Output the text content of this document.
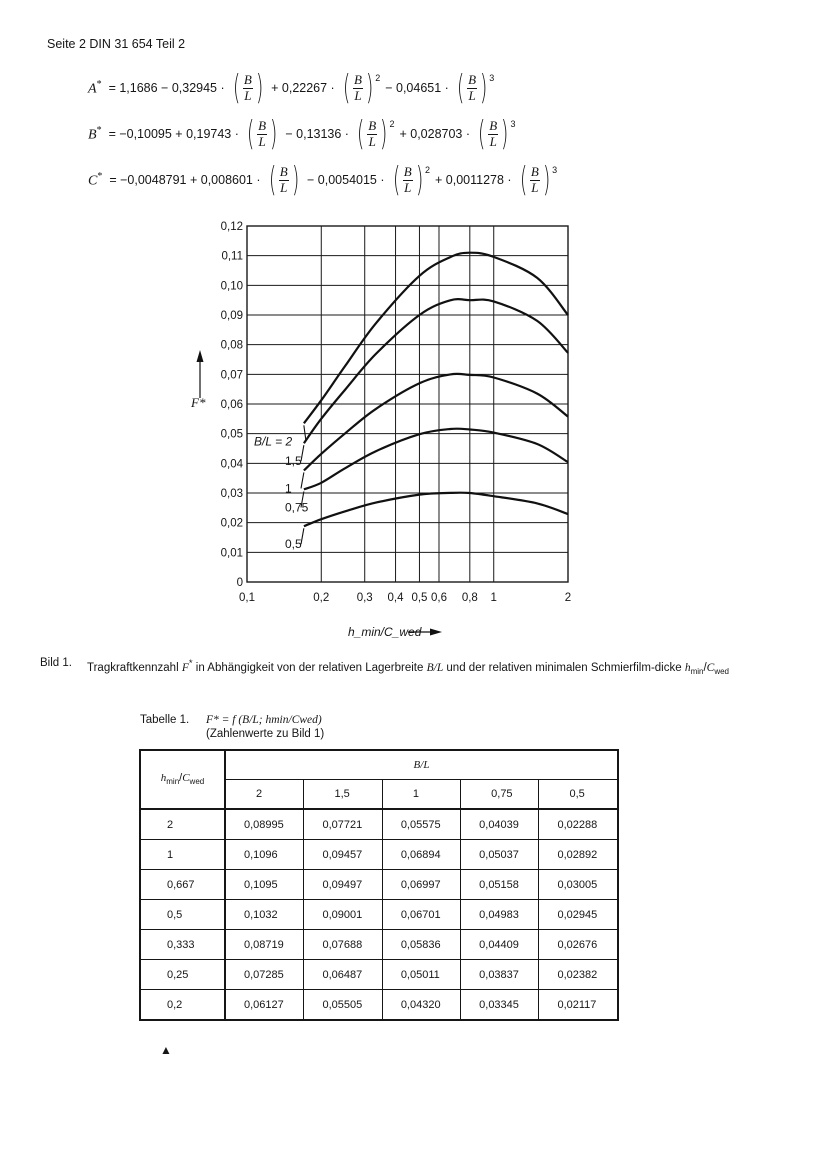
Seite 2 DIN 31 654 Teil 2
A* = 1,1686 − 0,32945 · ( $\frac{B}{L}$ ) + 0,22267 · ( $\frac{B}{L}$ ) 2
− 0,04651 · ( $\frac{B}{L}$ ) 3
B* = −0,10095 + 0,19743 · ( $\frac{B}{L}$ ) − 0,13136 · ( $\frac{B}{L}$ ) 2
+ 0,028703 · ( $\frac{B}{L}$ ) 3
C* = −0,0048791 + 0,008601 · ( $\frac{B}{L}$ ) − 0,0054015 · ( $\frac{B}{L}$ ) 2
+ 0,0011278 · ( $\frac{B}{L}$ ) 3
0
0,01
0,02
0,03
0,04
0,05
0,06
0,07
0,08
0,09
0,10
0,11
0,12
0,1	0,2 0,3 0,4 0,5 0,6 0,8 1	2
B/L = 2
1,5
1
0,75
0,5
F*
h_min/C_wed
Bild 1. Tragkraftkennzahl F* in Abhängigkeit von der relativen Lagerbreite B/L und der relativen minimalen Schmierfilm-dicke $h_{min}/C_{wed}$
Tabelle 1. F* = f (B/L; hmin/Cwed)
(Zahlenwerte zu Bild 1)
$h_{min}/C_{wed}$	B/L				
	2	1,5	1	0,75	0,5
2	0,08995	0,07721	0,05575	0,04039	0,02288
1	0,1096	0,09457	0,06894	0,05037	0,02892
0,667	0,1095	0,09497	0,06997	0,05158	0,03005
0,5	0,1032	0,09001	0,06701	0,04983	0,02945
0,333	0,08719	0,07688	0,05836	0,04409	0,02676
0,25	0,07285	0,06487	0,05011	0,03837	0,02382
0,2	0,06127	0,05505	0,04320	0,03345	0,02117
▲
